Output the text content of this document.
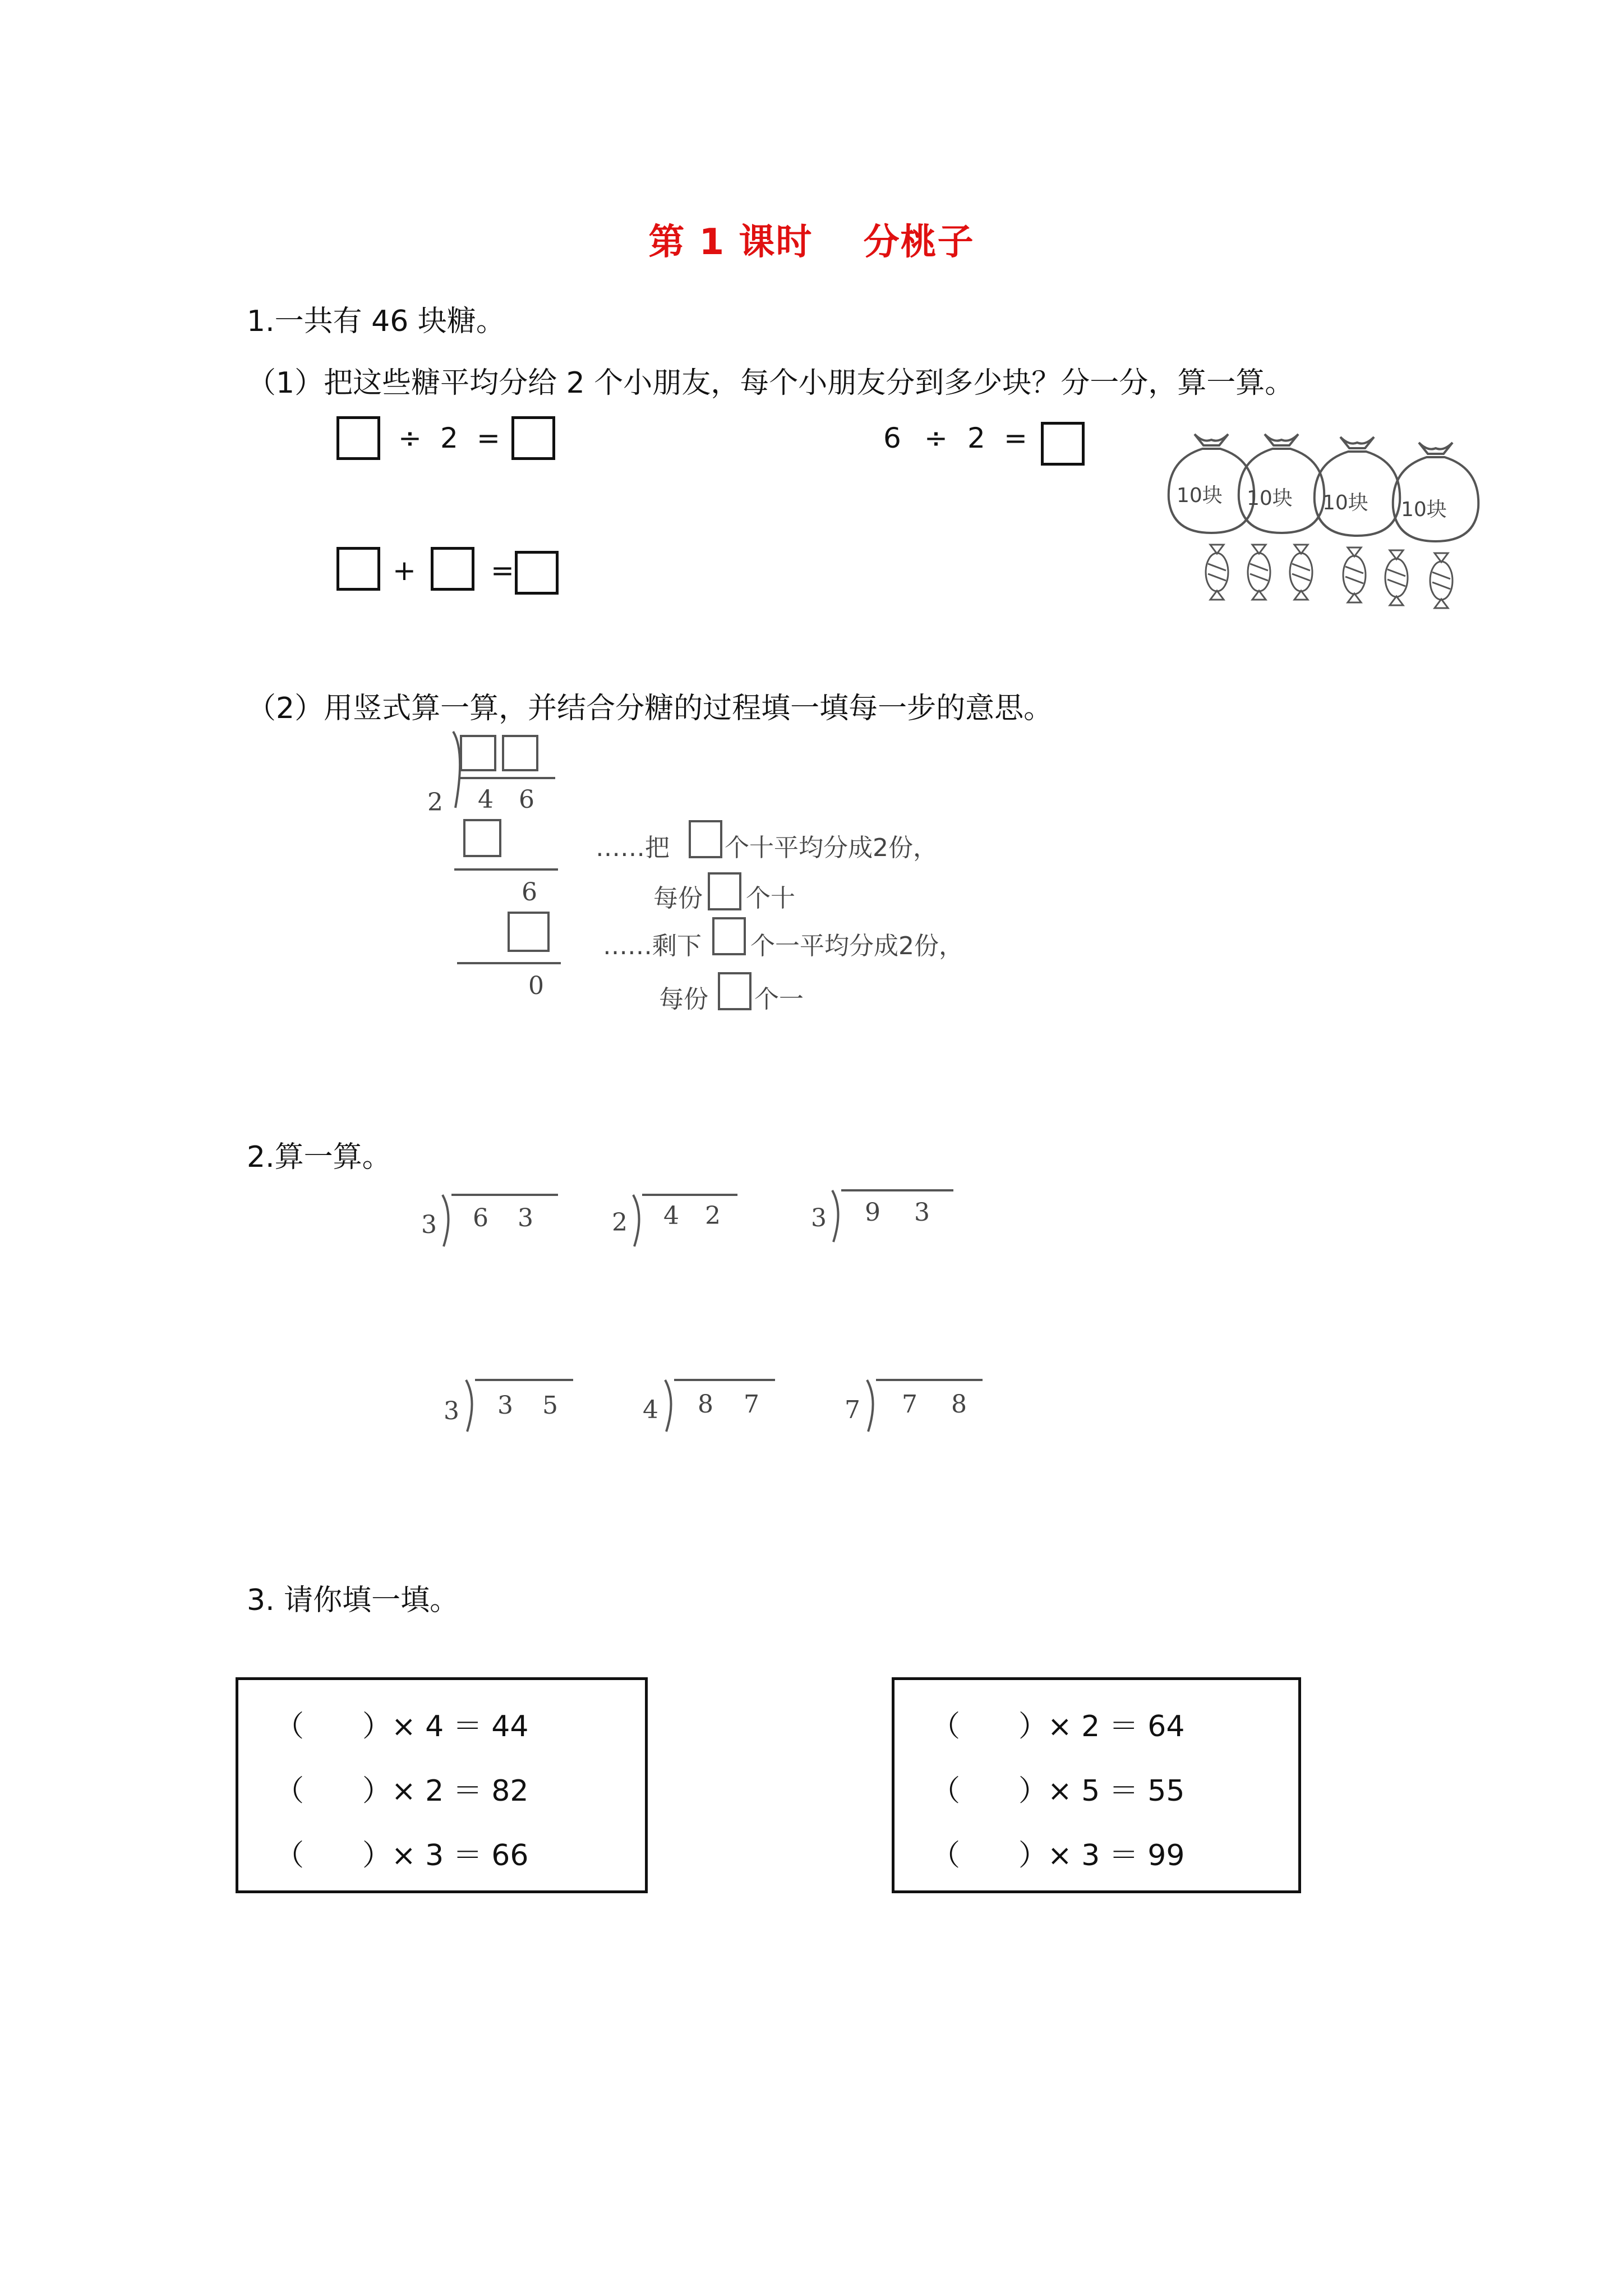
第 1 课时　 分桃子
1.一共有 46 块糖。
（1）把这些糖平均分给 2 个小朋友，每个小朋友分到多少块？分一分，算一算。
÷ 2 =	6 ÷ 2 =
+	=
10块 10块 10块 10块
（2）用竖式算一算，并结合分糖的过程填一填每一步的意思。
2 4 6
6
0
……把 个十平均分成2份，
每份 个十
……剩下 个一平均分成2份，
每份 个一
2.算一算。
3 6 3	2 4 2	3 9 3
3 3 5	4 8 7	7 7 8
3. 请你填一填。
（　　）× 4 ＝ 44
（　　）× 2 ＝ 82
（　　）× 3 ＝ 66
（　　）× 2 ＝ 64
（　　）× 5 ＝ 55
（　　）× 3 ＝ 99
